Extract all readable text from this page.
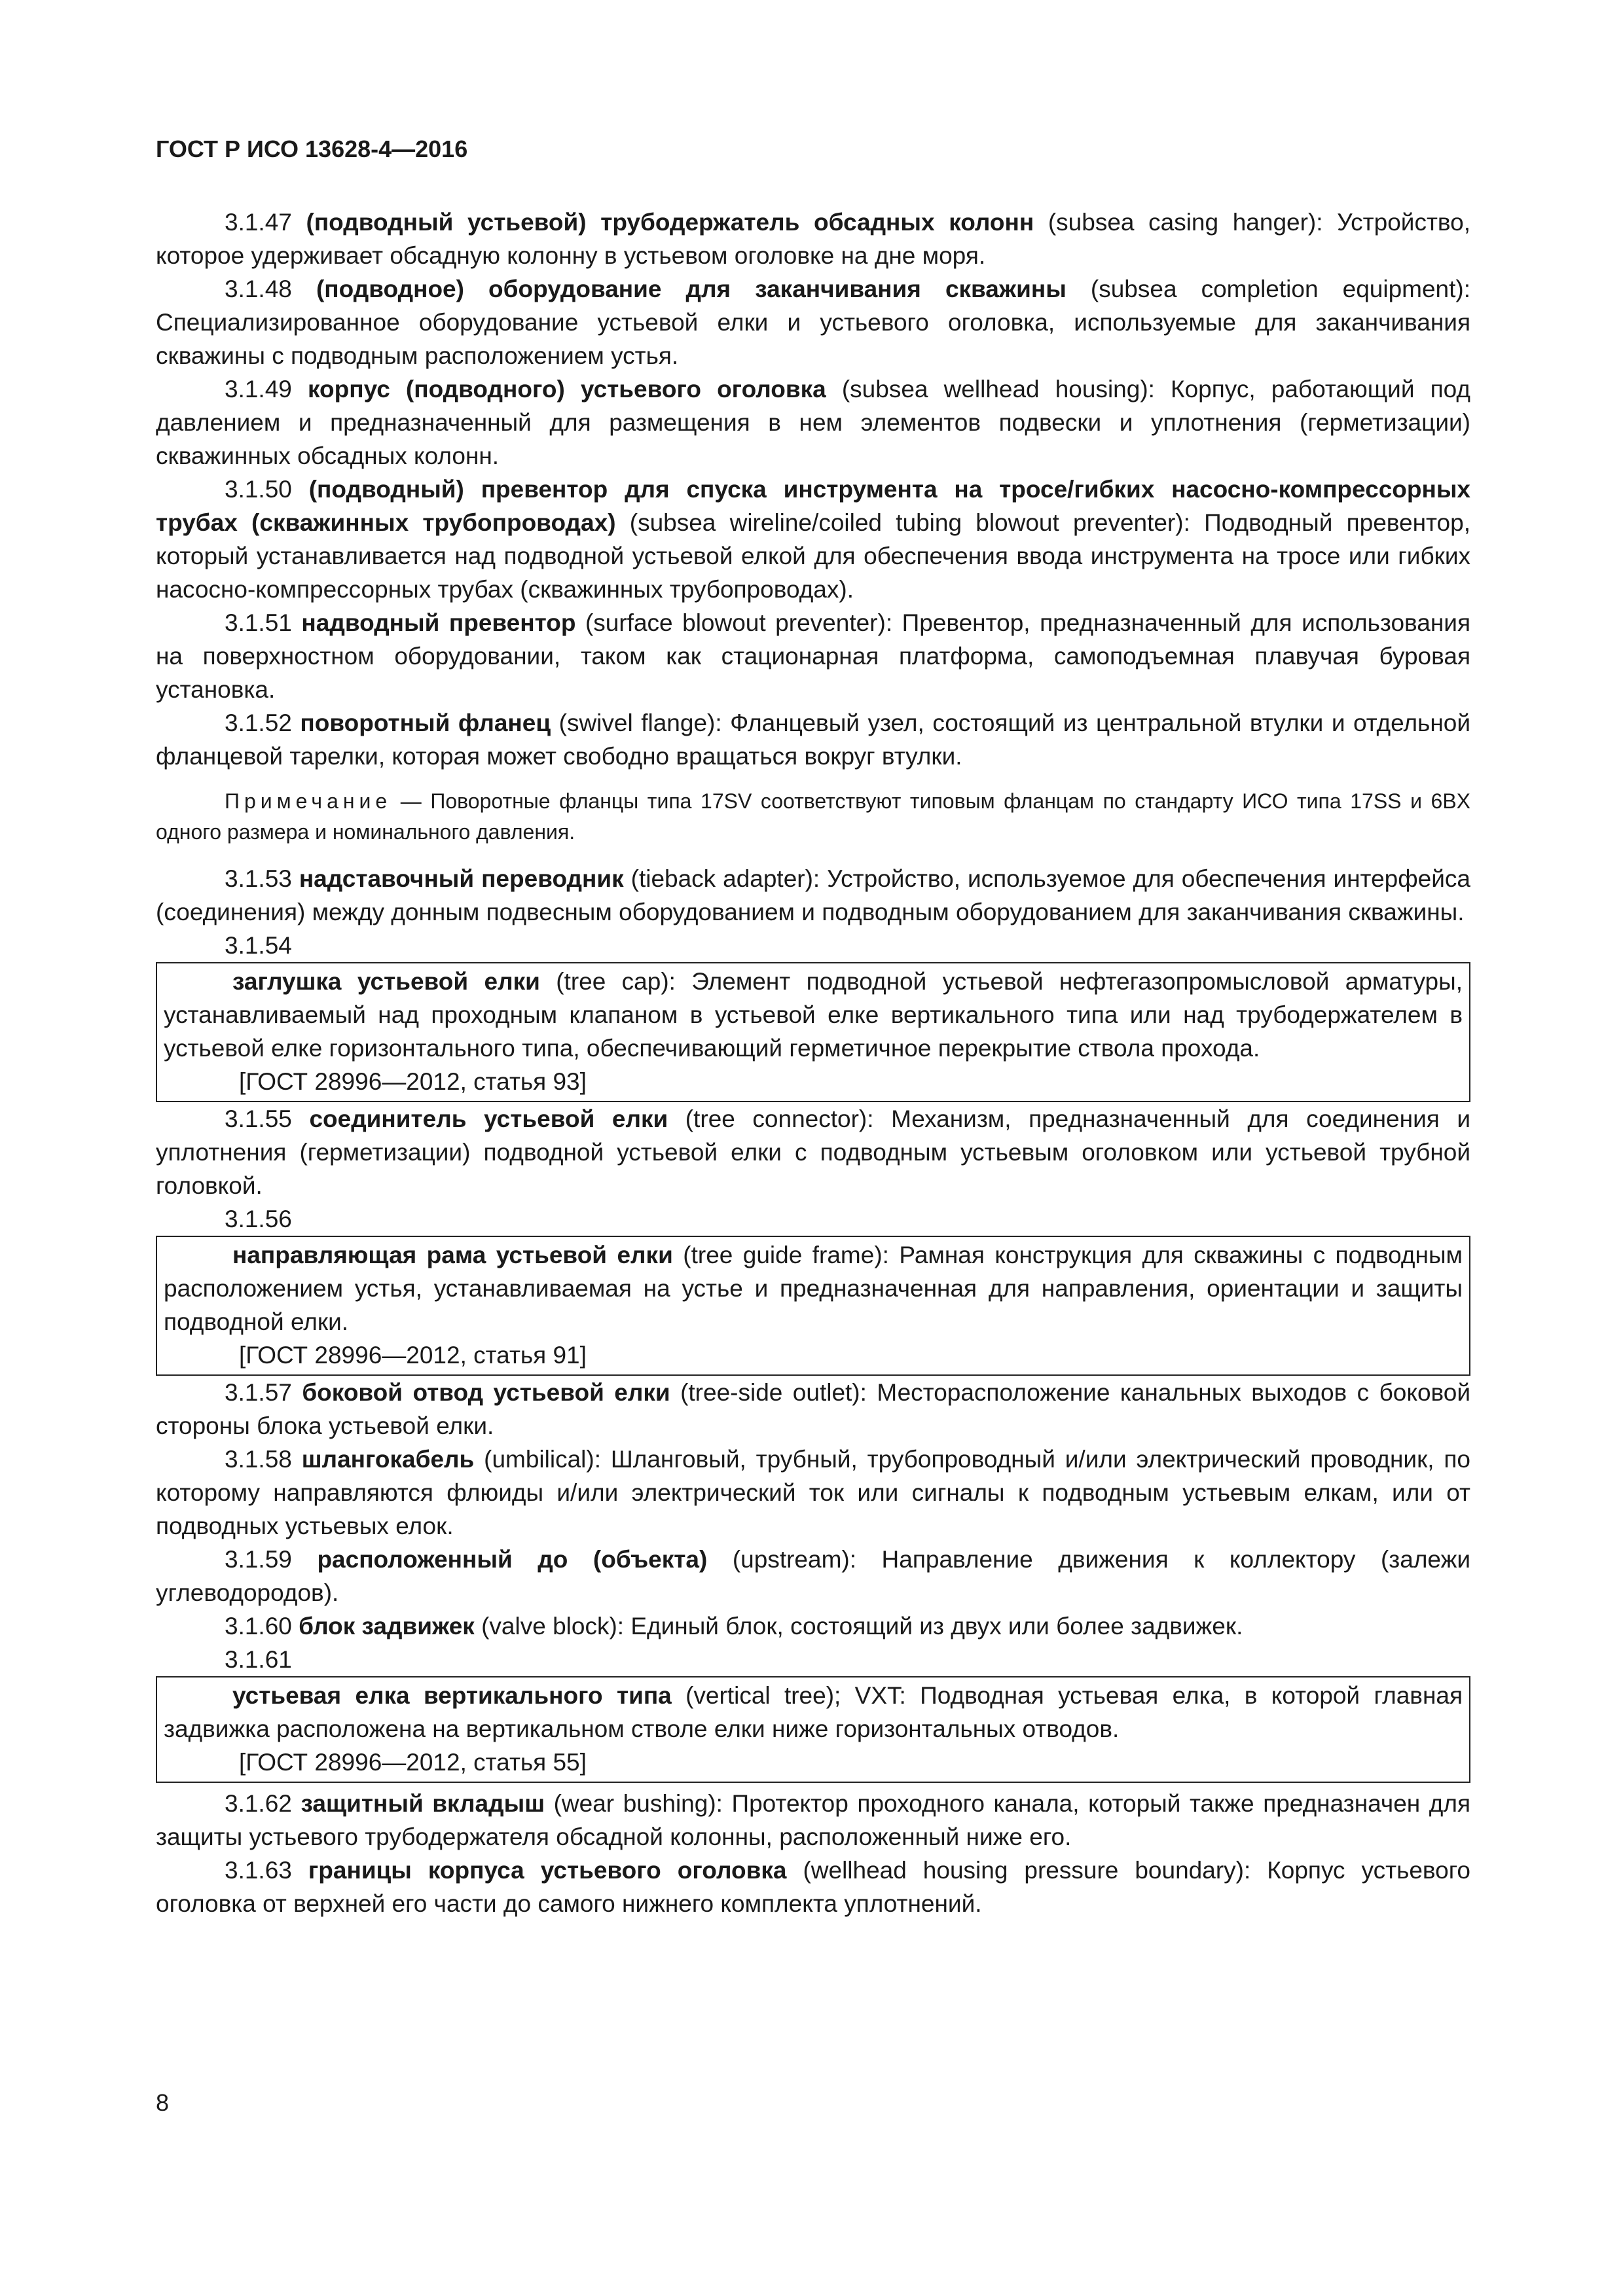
ГОСТ Р ИСО 13628-4—2016

3.1.47 (подводный устьевой) трубодержатель обсадных колонн (subsea casing hanger): Устройство, которое удерживает обсадную колонну в устьевом оголовке на дне моря.

3.1.48 (подводное) оборудование для заканчивания скважины (subsea completion equipment): Специализированное оборудование устьевой елки и устьевого оголовка, используемые для заканчивания скважины с подводным расположением устья.

3.1.49 корпус (подводного) устьевого оголовка (subsea wellhead housing): Корпус, работающий под давлением и предназначенный для размещения в нем элементов подвески и уплотнения (герметизации) скважинных обсадных колонн.

3.1.50 (подводный) превентор для спуска инструмента на тросе/гибких насосно-компрессорных трубах (скважинных трубопроводах) (subsea wireline/coiled tubing blowout preventer): Подводный превентор, который устанавливается над подводной устьевой елкой для обеспечения ввода инструмента на тросе или гибких насосно-компрессорных трубах (скважинных трубопроводах).

3.1.51 надводный превентор (surface blowout preventer): Превентор, предназначенный для использования на поверхностном оборудовании, таком как стационарная платформа, самоподъемная плавучая буровая установка.

3.1.52 поворотный фланец (swivel flange): Фланцевый узел, состоящий из центральной втулки и отдельной фланцевой тарелки, которая может свободно вращаться вокруг втулки.

Примечание — Поворотные фланцы типа 17SV соответствуют типовым фланцам по стандарту ИСО типа 17SS и 6BX одного размера и номинального давления.

3.1.53 надставочный переводник (tieback adapter): Устройство, используемое для обеспечения интерфейса (соединения) между донным подвесным оборудованием и подводным оборудованием для заканчивания скважины.

3.1.54

заглушка устьевой елки (tree cap): Элемент подводной устьевой нефтегазопромысловой арматуры, устанавливаемый над проходным клапаном в устьевой елке вертикального типа или над трубодержателем в устьевой елке горизонтального типа, обеспечивающий герметичное перекрытие ствола прохода.

[ГОСТ 28996—2012, статья 93]

3.1.55 соединитель устьевой елки (tree connector): Механизм, предназначенный для соединения и уплотнения (герметизации) подводной устьевой елки с подводным устьевым оголовком или устьевой трубной головкой.

3.1.56

направляющая рама устьевой елки (tree guide frame): Рамная конструкция для скважины с подводным расположением устья, устанавливаемая на устье и предназначенная для направления, ориентации и защиты подводной елки.

[ГОСТ 28996—2012, статья 91]

3.1.57 боковой отвод устьевой елки (tree-side outlet): Месторасположение канальных выходов с боковой стороны блока устьевой елки.

3.1.58 шлангокабель (umbilical): Шланговый, трубный, трубопроводный и/или электрический проводник, по которому направляются флюиды и/или электрический ток или сигналы к подводным устьевым елкам, или от подводных устьевых елок.

3.1.59 расположенный до (объекта) (upstream): Направление движения к коллектору (залежи углеводородов).

3.1.60 блок задвижек (valve block): Единый блок, состоящий из двух или более задвижек.

3.1.61

устьевая елка вертикального типа (vertical tree); VXT: Подводная устьевая елка, в которой главная задвижка расположена на вертикальном стволе елки ниже горизонтальных отводов.

[ГОСТ 28996—2012, статья 55]

3.1.62 защитный вкладыш (wear bushing): Протектор проходного канала, который также предназначен для защиты устьевого трубодержателя обсадной колонны, расположенный ниже его.

3.1.63 границы корпуса устьевого оголовка (wellhead housing pressure boundary): Корпус устьевого оголовка от верхней его части до самого нижнего комплекта уплотнений.

8
